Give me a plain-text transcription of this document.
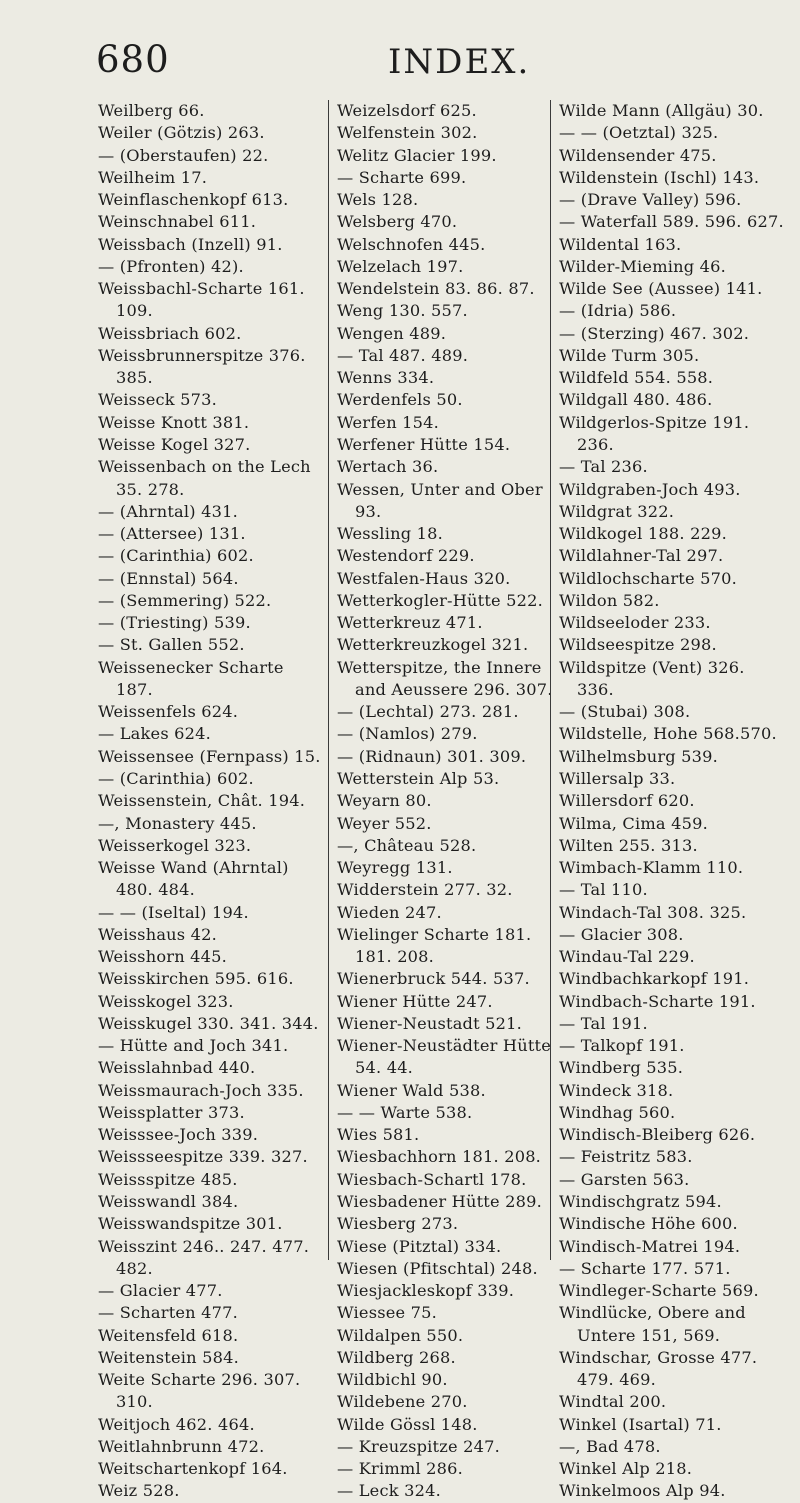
680	INDEX.
Weilberg 66.
Weiler (Götzis) 263.
— (Oberstaufen) 22.
Weilheim 17.
Weinflaschenkopf 613.
Weinschnabel 611.
Weissbach (Inzell) 91.
— (Pfronten) 42).
Weissbachl-Scharte 161.
109.
Weissbriach 602.
Weissbrunnerspitze 376.
385.
Weisseck 573.
Weisse Knott 381.
Weisse Kogel 327.
Weissenbach on the Lech
35. 278.
— (Ahrntal) 431.
— (Attersee) 131.
— (Carinthia) 602.
— (Ennstal) 564.
— (Semmering) 522.
— (Triesting) 539.
— St. Gallen 552.
Weissenecker Scharte
187.
Weissenfels 624.
— Lakes 624.
Weissensee (Fernpass) 15.
— (Carinthia) 602.
Weissenstein, Chât. 194.
—, Monastery 445.
Weisserkogel 323.
Weisse Wand (Ahrntal)
480. 484.
— — (Iseltal) 194.
Weisshaus 42.
Weisshorn 445.
Weisskirchen 595. 616.
Weisskogel 323.
Weisskugel 330. 341. 344.
— Hütte and Joch 341.
Weisslahnbad 440.
Weissmaurach-Joch 335.
Weissplatter 373.
Weisssee-Joch 339.
Weissseespitze 339. 327.
Weissspitze 485.
Weisswandl 384.
Weisswandspitze 301.
Weisszint 246.. 247. 477.
482.
— Glacier 477.
— Scharten 477.
Weitensfeld 618.
Weitenstein 584.
Weite Scharte 296. 307.
310.
Weitjoch 462. 464.
Weitlahnbrunn 472.
Weitschartenkopf 164.
Weiz 528.
Weizelsdorf 625.
Welfenstein 302.
Welitz Glacier 199.
— Scharte 699.
Wels 128.
Welsberg 470.
Welschnofen 445.
Welzelach 197.
Wendelstein 83. 86. 87.
Weng 130. 557.
Wengen 489.
— Tal 487. 489.
Wenns 334.
Werdenfels 50.
Werfen 154.
Werfener Hütte 154.
Wertach 36.
Wessen, Unter and Ober
93.
Wessling 18.
Westendorf 229.
Westfalen-Haus 320.
Wetterkogler-Hütte 522.
Wetterkreuz 471.
Wetterkreuzkogel 321.
Wetterspitze, the Innere
and Aeussere 296. 307.
— (Lechtal) 273. 281.
— (Namlos) 279.
— (Ridnaun) 301. 309.
Wetterstein Alp 53.
Weyarn 80.
Weyer 552.
—, Château 528.
Weyregg 131.
Widderstein 277. 32.
Wieden 247.
Wielinger Scharte 181.
181. 208.
Wienerbruck 544. 537.
Wiener Hütte 247.
Wiener-Neustadt 521.
Wiener-Neustädter Hütte
54. 44.
Wiener Wald 538.
— — Warte 538.
Wies 581.
Wiesbachhorn 181. 208.
Wiesbach-Schartl 178.
Wiesbadener Hütte 289.
Wiesberg 273.
Wiese (Pitztal) 334.
Wiesen (Pfitschtal) 248.
Wiesjackleskopf 339.
Wiessee 75.
Wildalpen 550.
Wildberg 268.
Wildbichl 90.
Wildebene 270.
Wilde Gössl 148.
— Kreuzspitze 247.
— Krimml 286.
— Leck 324.
Wilde Mann (Allgäu) 30.
— — (Oetztal) 325.
Wildensender 475.
Wildenstein (Ischl) 143.
— (Drave Valley) 596.
— Waterfall 589. 596. 627.
Wildental 163.
Wilder-Mieming 46.
Wilde See (Aussee) 141.
— (Idria) 586.
— (Sterzing) 467. 302.
Wilde Turm 305.
Wildfeld 554. 558.
Wildgall 480. 486.
Wildgerlos-Spitze 191.
236.
— Tal 236.
Wildgraben-Joch 493.
Wildgrat 322.
Wildkogel 188. 229.
Wildlahner-Tal 297.
Wildlochscharte 570.
Wildon 582.
Wildseeloder 233.
Wildseespitze 298.
Wildspitze (Vent) 326.
336.
— (Stubai) 308.
Wildstelle, Hohe 568.570.
Wilhelmsburg 539.
Willersalp 33.
Willersdorf 620.
Wilma, Cima 459.
Wilten 255. 313.
Wimbach-Klamm 110.
— Tal 110.
Windach-Tal 308. 325.
— Glacier 308.
Windau-Tal 229.
Windbachkarkopf 191.
Windbach-Scharte 191.
— Tal 191.
— Talkopf 191.
Windberg 535.
Windeck 318.
Windhag 560.
Windisch-Bleiberg 626.
— Feistritz 583.
— Garsten 563.
Windischgratz 594.
Windische Höhe 600.
Windisch-Matrei 194.
— Scharte 177. 571.
Windleger-Scharte 569.
Windlücke, Obere and
Untere 151, 569.
Windschar, Grosse 477.
479. 469.
Windtal 200.
Winkel (Isartal) 71.
—, Bad 478.
Winkel Alp 218.
Winkelmoos Alp 94.
